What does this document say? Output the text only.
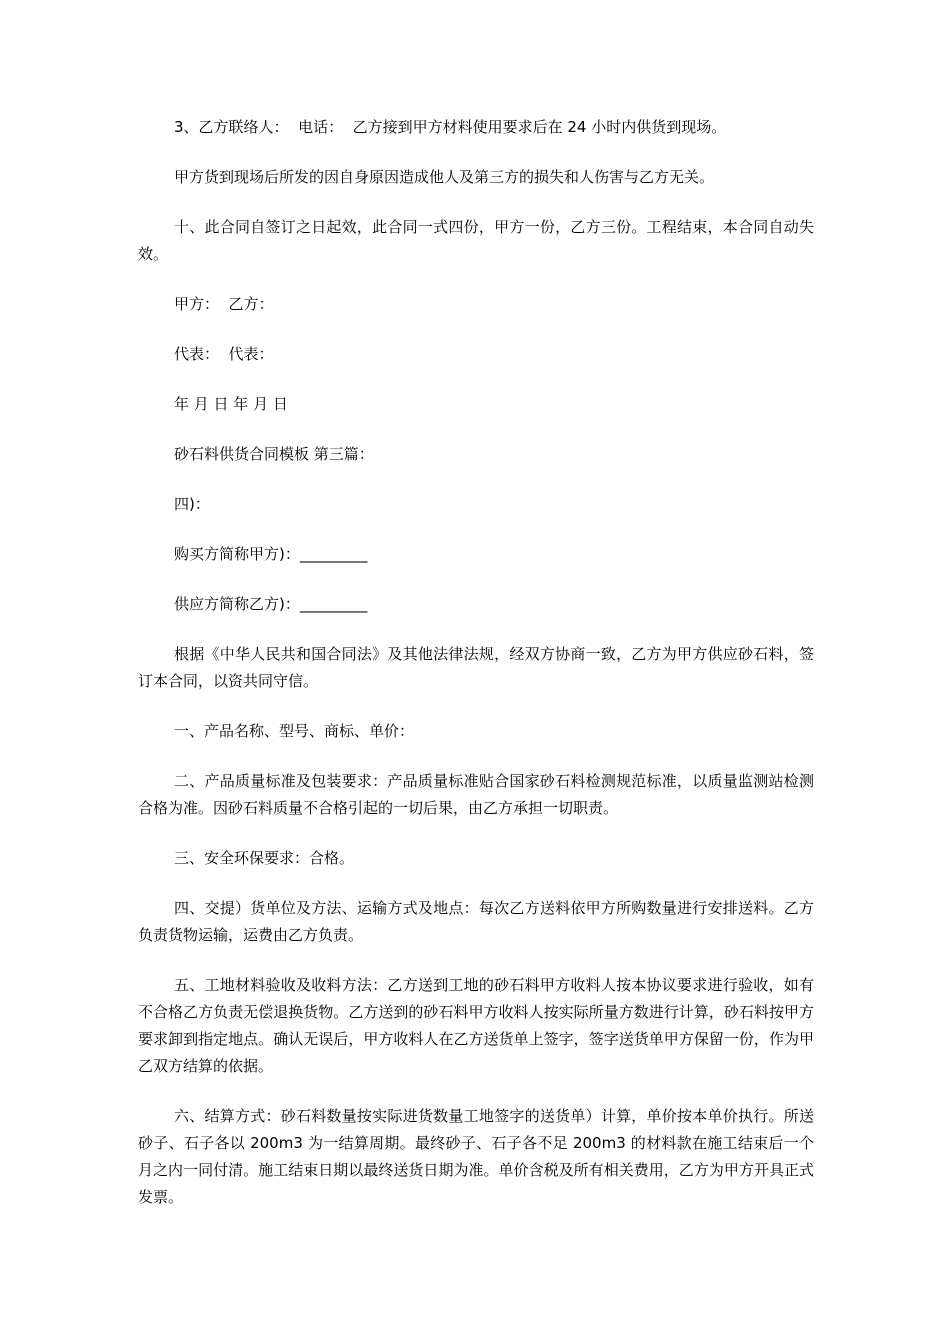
3、乙方联络人：  电话：  乙方接到甲方材料使用要求后在 24 小时内供货到现场。

甲方货到现场后所发的因自身原因造成他人及第三方的损失和人伤害与乙方无关。

十、此合同自签订之日起效，此合同一式四份，甲方一份，乙方三份。工程结束，本合同自动失效。

甲方：  乙方：

代表：  代表：

年 月 日 年 月 日

砂石料供货合同模板 第三篇：

四)：

购买方简称甲方)：_________

供应方简称乙方)：_________

根据《中华人民共和国合同法》及其他法律法规，经双方协商一致，乙方为甲方供应砂石料，签订本合同，以资共同守信。

一、产品名称、型号、商标、单价：

二、产品质量标准及包装要求：产品质量标准贴合国家砂石料检测规范标准，以质量监测站检测合格为准。因砂石料质量不合格引起的一切后果，由乙方承担一切职责。

三、安全环保要求：合格。

四、交提）货单位及方法、运输方式及地点：每次乙方送料依甲方所购数量进行安排送料。乙方负责货物运输，运费由乙方负责。

五、工地材料验收及收料方法：乙方送到工地的砂石料甲方收料人按本协议要求进行验收，如有不合格乙方负责无偿退换货物。乙方送到的砂石料甲方收料人按实际所量方数进行计算，砂石料按甲方要求卸到指定地点。确认无误后，甲方收料人在乙方送货单上签字，签字送货单甲方保留一份，作为甲乙双方结算的依据。

六、结算方式：砂石料数量按实际进货数量工地签字的送货单）计算，单价按本单价执行。所送砂子、石子各以 200m3 为一结算周期。最终砂子、石子各不足 200m3 的材料款在施工结束后一个月之内一同付清。施工结束日期以最终送货日期为准。单价含税及所有相关费用，乙方为甲方开具正式发票。
